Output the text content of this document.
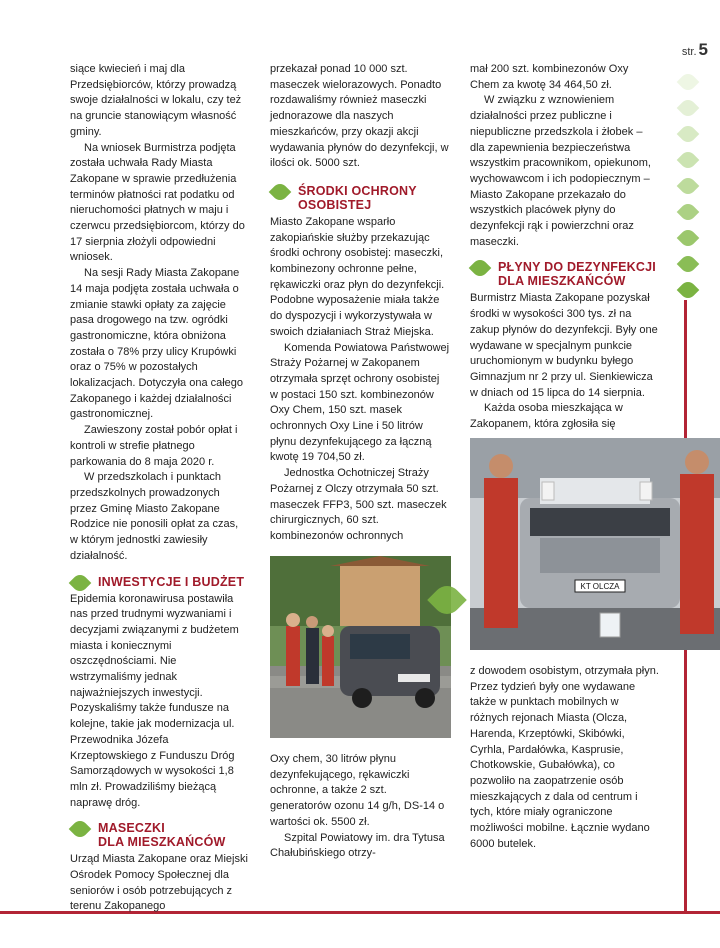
str. 5

siące kwiecień i maj dla Przedsiębiorców, którzy prowadzą swoje działalności w lokalu, czy też na gruncie stanowiącym własność gminy.

Na wniosek Burmistrza podjęta została uchwała Rady Miasta Zakopane w sprawie przedłużenia terminów płatności rat podatku od nieruchomości płatnych w maju i czerwcu przedsiębiorcom, którzy do 17 sierpnia złożyli odpowiedni wniosek.

Na sesji Rady Miasta Zakopane 14 maja podjęta została uchwała o zmianie stawki opłaty za zajęcie pasa drogowego na tzw. ogródki gastronomiczne, która obniżona została o 78% przy ulicy Krupówki oraz o 75% w pozostałych lokalizacjach. Dotyczyła ona całego Zakopanego i każdej działalności gastronomicznej.

Zawieszony został pobór opłat i kontroli w strefie płatnego parkowania do 8 maja 2020 r.

W przedszkolach i punktach przedszkolnych prowadzonych przez Gminę Miasto Zakopane Rodzice nie ponosili opłat za czas, w którym jednostki zawiesiły działalność.

INWESTYCJE I BUDŻET

Epidemia koronawirusa postawiła nas przed trudnymi wyzwaniami i decyzjami związanymi z budżetem miasta i koniecznymi oszczędnościami. Nie wstrzymaliśmy jednak najważniejszych inwestycji. Pozyskaliśmy także fundusze na kolejne, takie jak modernizacja ul. Przewodnika Józefa Krzeptowskiego z Funduszu Dróg Samorządowych w wysokości 1,8 mln zł. Prowadziliśmy bieżącą naprawę dróg.

MASECZKI
DLA MIESZKAŃCÓW

Urząd Miasta Zakopane oraz Miejski Ośrodek Pomocy Społecznej dla seniorów i osób potrzebujących z terenu Zakopanego

przekazał ponad 10 000 szt. maseczek wielorazowych. Ponadto rozdawaliśmy również maseczki jednorazowe dla naszych mieszkańców, przy okazji akcji wydawania płynów do dezynfekcji, w ilości ok. 5000 szt.

ŚRODKI OCHRONY
OSOBISTEJ

Miasto Zakopane wsparło zakopiańskie służby przekazując środki ochrony osobistej: maseczki, kombinezony ochronne pełne, rękawiczki oraz płyn do dezynfekcji. Podobne wyposażenie miała także do dyspozycji i wykorzystywała w swoich działaniach Straż Miejska.

Komenda Powiatowa Państwowej Straży Pożarnej w Zakopanem otrzymała sprzęt ochrony osobistej w postaci 150 szt. kombinezonów Oxy Chem, 150 szt. masek ochronnych Oxy Line i 50 litrów płynu dezynfekującego za łączną kwotę 19 704,50 zł.

Jednostka Ochotniczej Straży Pożarnej z Olczy otrzymała 50 szt. maseczek FFP3, 500 szt. maseczek chirurgicznych, 60 szt. kombinezonów ochronnych

Oxy chem, 30 litrów płynu dezynfekującego, rękawiczki ochronne, a także 2 szt. generatorów ozonu 14 g/h, DS-14 o wartości ok. 5500 zł.

Szpital Powiatowy im. dra Tytusa Chałubińskiego otrzy-

mał 200 szt. kombinezonów Oxy Chem za kwotę 34 464,50 zł.

W związku z wznowieniem działalności przez publiczne i niepubliczne przedszkola i żłobek – dla zapewnienia bezpieczeństwa wszystkim pracownikom, opiekunom, wychowawcom i ich podopiecznym – Miasto Zakopane przekazało do wszystkich placówek płyny do dezynfekcji rąk i powierzchni oraz maseczki.

PŁYNY DO DEZYNFEKCJI
DLA MIESZKAŃCÓW

Burmistrz Miasta Zakopane pozyskał środki w wysokości 300 tys. zł na zakup płynów do dezynfekcji. Były one wydawane w specjalnym punkcie uruchomionym w budynku byłego Gimnazjum nr 2 przy ul. Sienkiewicza w dniach od 15 lipca do 14 sierpnia.

Każda osoba mieszkająca w Zakopanem, która zgłosiła się

KT OLCZA

z dowodem osobistym, otrzymała płyn. Przez tydzień były one wydawane także w punktach mobilnych w różnych rejonach Miasta (Olcza, Harenda, Krzeptówki, Skibówki, Cyrhla, Pardałówka, Kasprusie, Chotkowskie, Gubałówka), co pozwoliło na zaopatrzenie osób mieszkających z dala od centrum i tych, które miały ograniczone możliwości mobilne. Łącznie wydano 6000 butelek.
